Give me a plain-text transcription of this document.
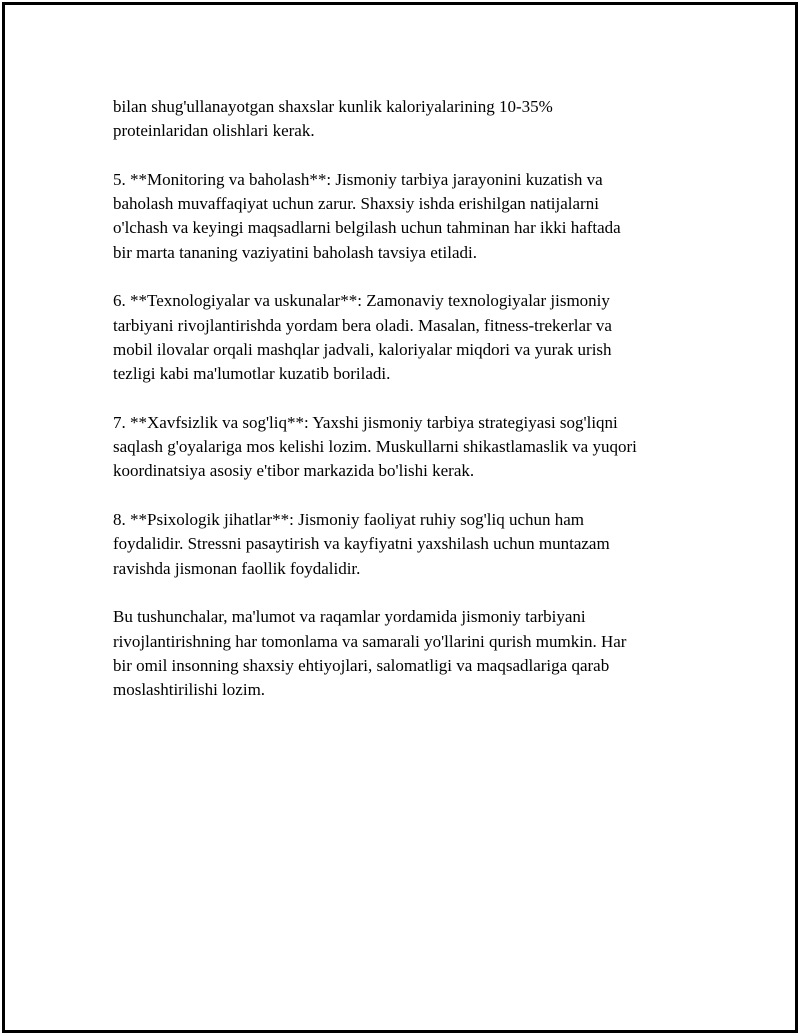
bilan shug'ullanayotgan shaxslar kunlik kaloriyalarining 10-35%
proteinlaridan olishlari kerak.

5. **Monitoring va baholash**: Jismoniy tarbiya jarayonini kuzatish va
baholash muvaffaqiyat uchun zarur. Shaxsiy ishda erishilgan natijalarni
o'lchash va keyingi maqsadlarni belgilash uchun tahminan har ikki haftada
bir marta tananing vaziyatini baholash tavsiya etiladi.

6. **Texnologiyalar va uskunalar**: Zamonaviy texnologiyalar jismoniy
tarbiyani rivojlantirishda yordam bera oladi. Masalan, fitness-trekerlar va
mobil ilovalar orqali mashqlar jadvali, kaloriyalar miqdori va yurak urish
tezligi kabi ma'lumotlar kuzatib boriladi.

7. **Xavfsizlik va sog'liq**: Yaxshi jismoniy tarbiya strategiyasi sog'liqni
saqlash g'oyalariga mos kelishi lozim. Muskullarni shikastlamaslik va yuqori
koordinatsiya asosiy e'tibor markazida bo'lishi kerak.

8. **Psixologik jihatlar**: Jismoniy faoliyat ruhiy sog'liq uchun ham
foydalidir. Stressni pasaytirish va kayfiyatni yaxshilash uchun muntazam
ravishda jismonan faollik foydalidir.

Bu tushunchalar, ma'lumot va raqamlar yordamida jismoniy tarbiyani
rivojlantirishning har tomonlama va samarali yo'llarini qurish mumkin. Har
bir omil insonning shaxsiy ehtiyojlari, salomatligi va maqsadlariga qarab
moslashtirilishi lozim.
